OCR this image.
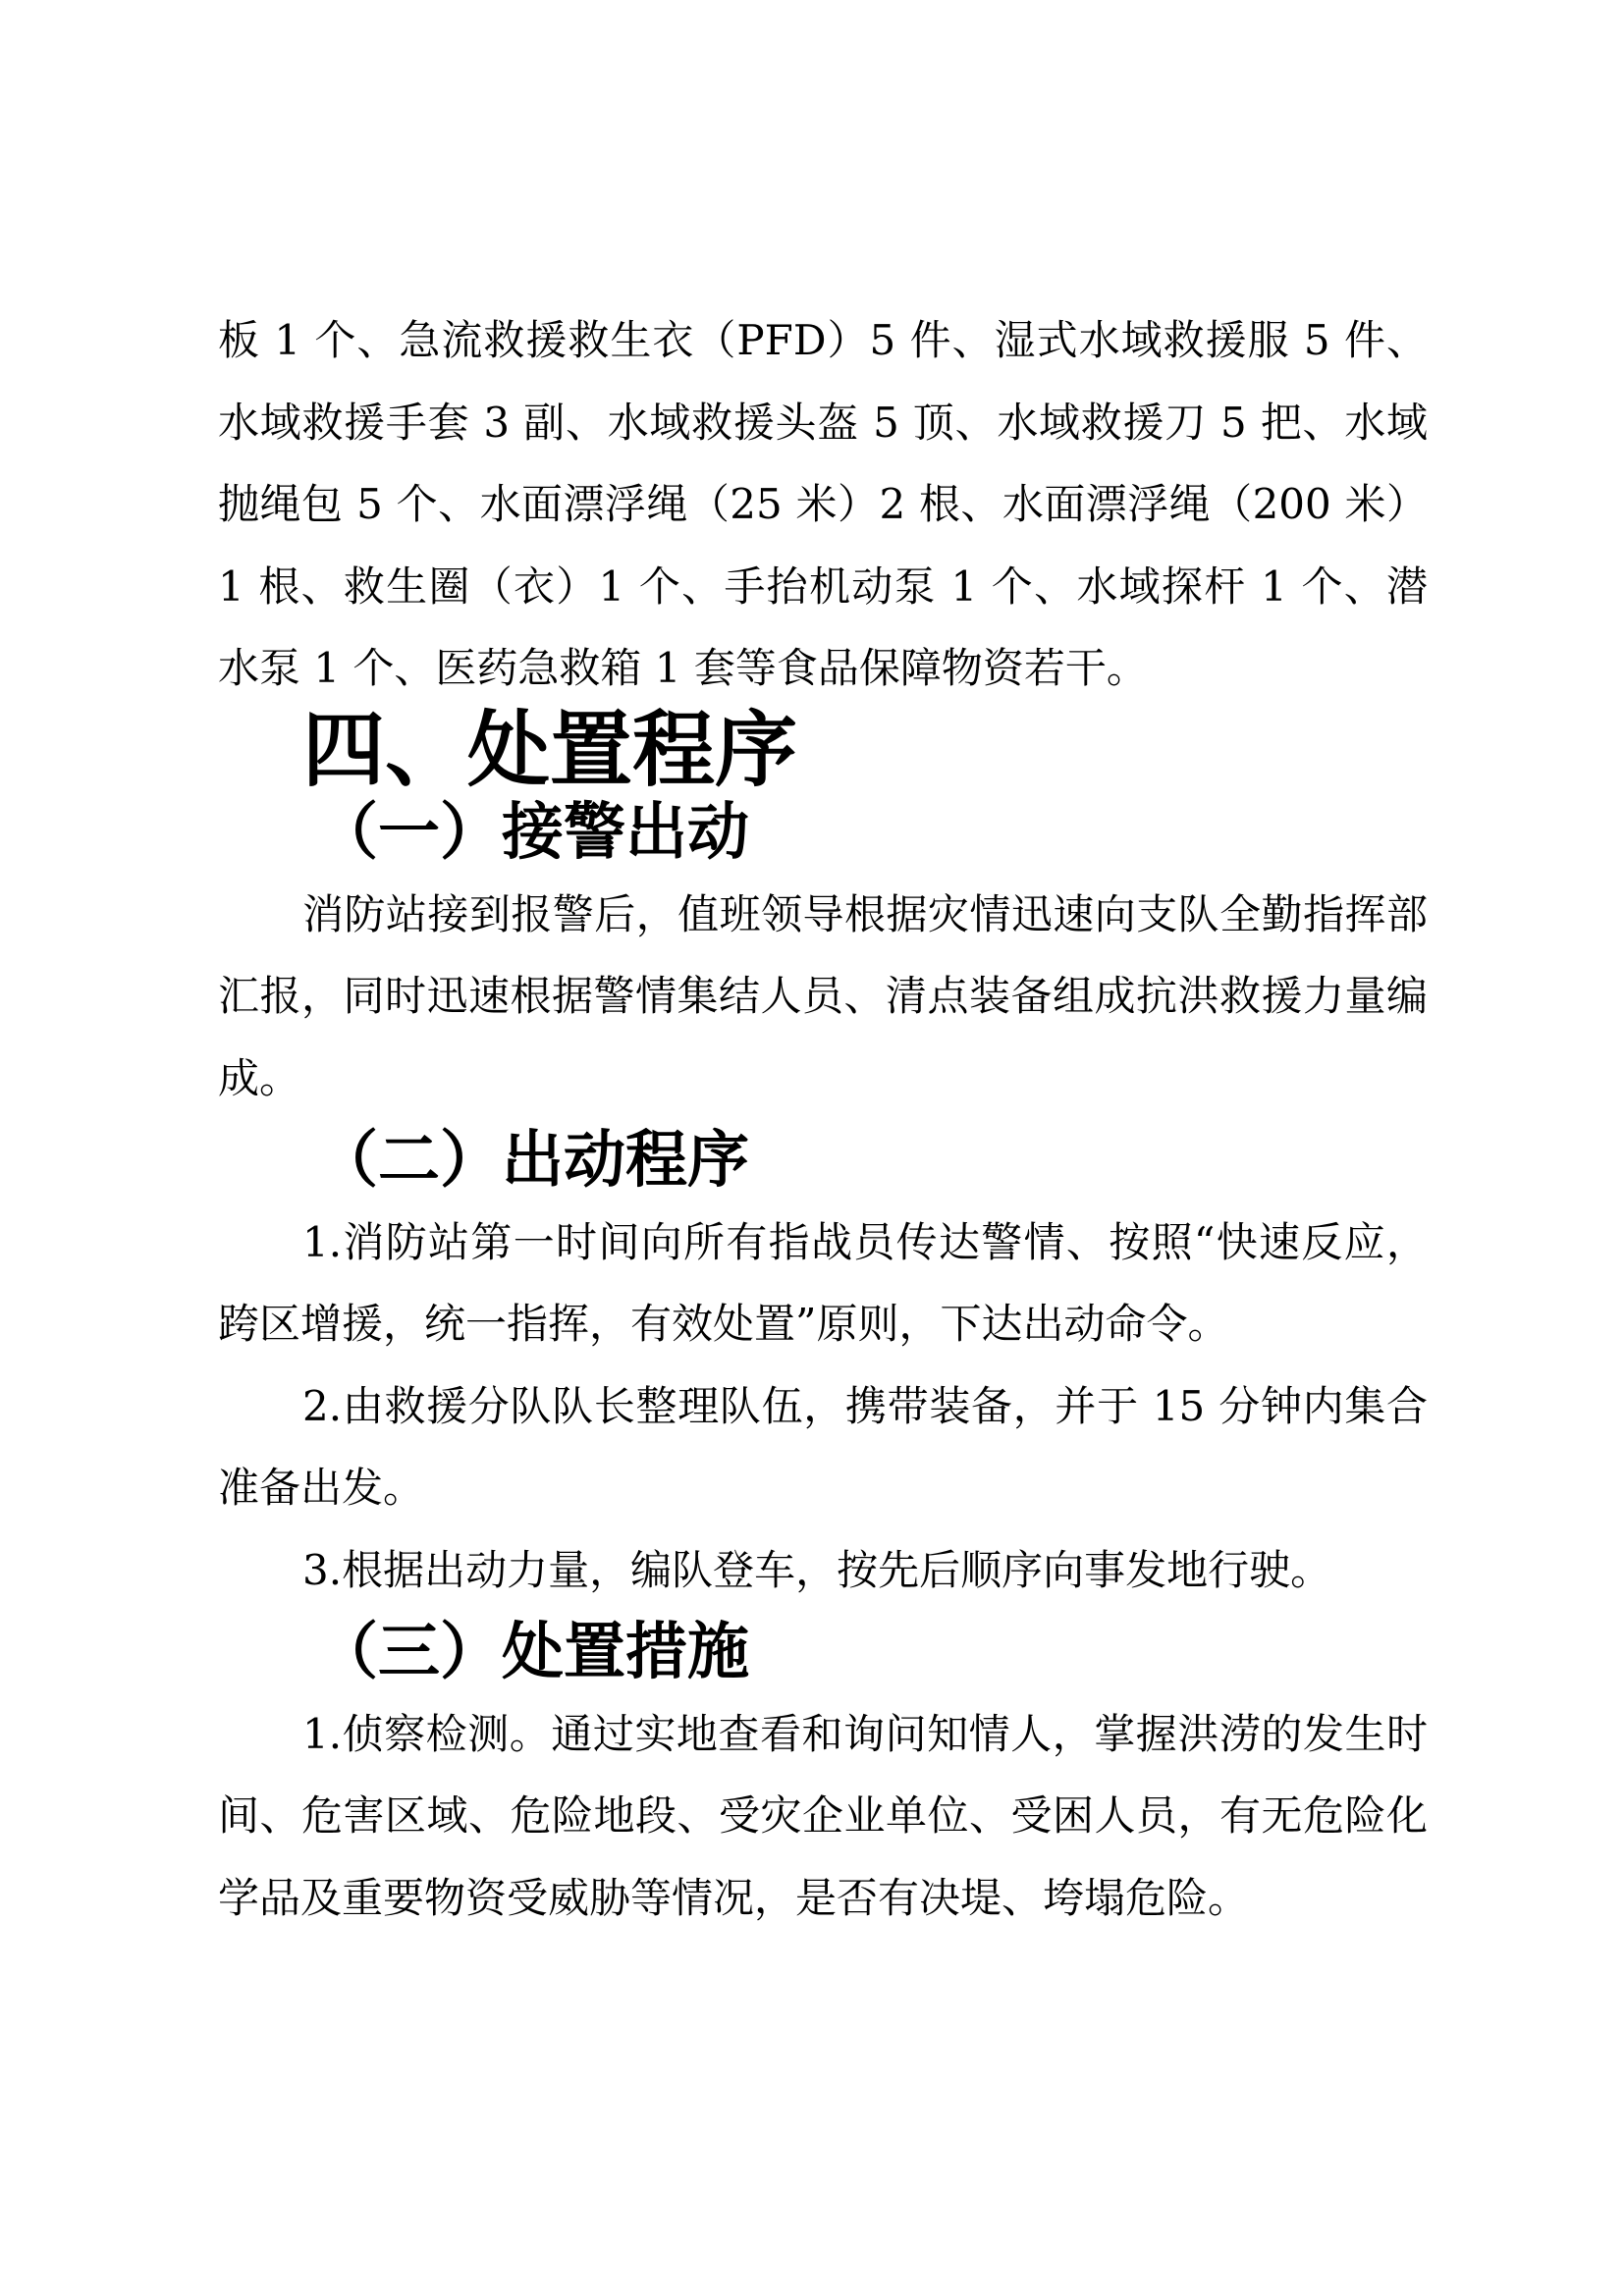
板 1 个、急流救援救生衣（PFD）5 件、湿式水域救援服 5 件、水域救援手套 3 副、水域救援头盔 5 顶、水域救援刀 5 把、水域抛绳包 5 个、水面漂浮绳（25 米）2 根、水面漂浮绳（200 米）1 根、救生圈（衣）1 个、手抬机动泵 1 个、水域探杆 1 个、潜水泵 1 个、医药急救箱 1 套等食品保障物资若干。

四、处置程序
（一）接警出动

消防站接到报警后，值班领导根据灾情迅速向支队全勤指挥部汇报，同时迅速根据警情集结人员、清点装备组成抗洪救援力量编成。

（二）出动程序

1.消防站第一时间向所有指战员传达警情、按照“快速反应，跨区增援，统一指挥，有效处置”原则，下达出动命令。

2.由救援分队队长整理队伍，携带装备，并于 15 分钟内集合准备出发。

3.根据出动力量，编队登车，按先后顺序向事发地行驶。

（三）处置措施

1.侦察检测。通过实地查看和询问知情人，掌握洪涝的发生时间、危害区域、危险地段、受灾企业单位、受困人员，有无危险化学品及重要物资受威胁等情况，是否有决堤、垮塌危险。
